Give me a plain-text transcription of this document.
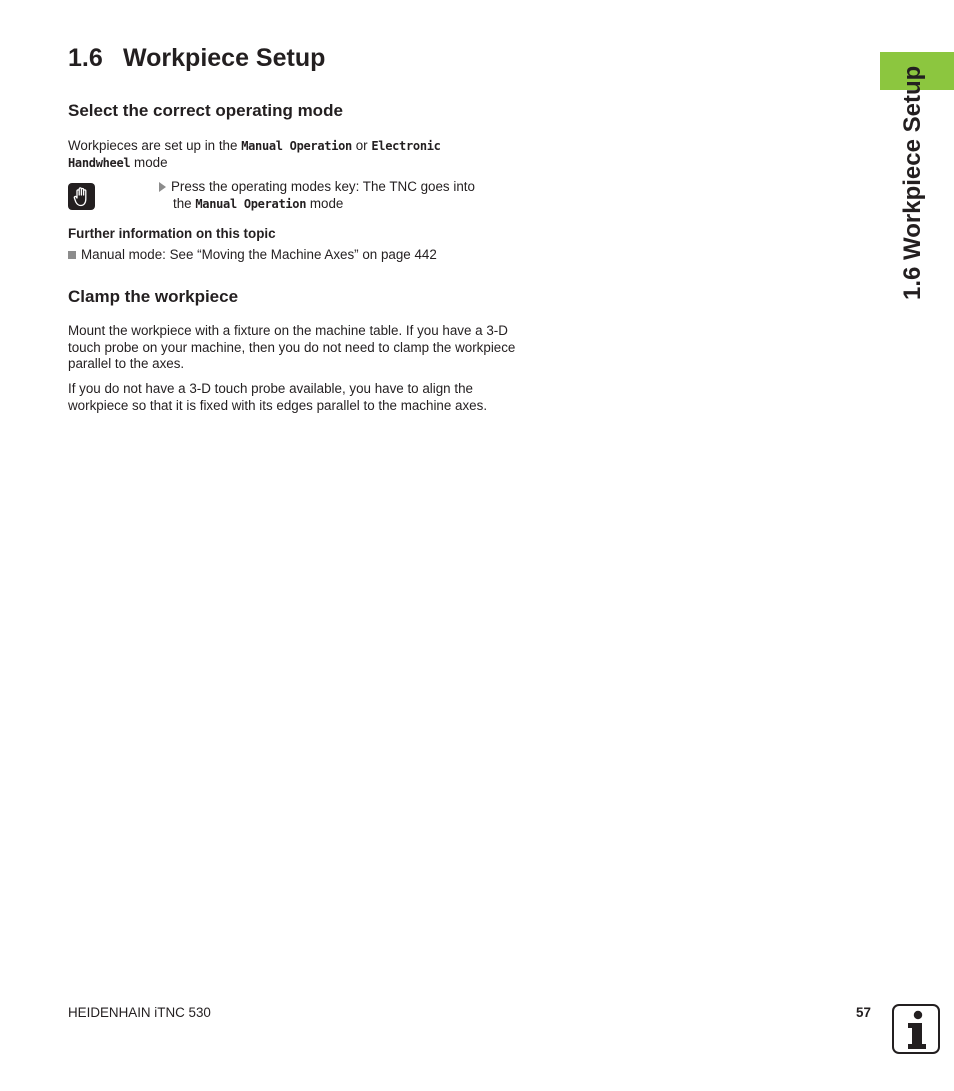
1.6 Workpiece Setup
1.6 Workpiece Setup
Select the correct operating mode

Workpieces are set up in the Manual Operation or Electronic
Handwheel mode

Press the operating modes key: The TNC goes into
the Manual Operation mode
Further information on this topic
Manual mode: See “Moving the Machine Axes” on page 442
Clamp the workpiece

Mount the workpiece with a fixture on the machine table. If you have a 3-D touch probe on your machine, then you do not need to clamp the workpiece parallel to the axes.

If you do not have a 3-D touch probe available, you have to align the workpiece so that it is fixed with its edges parallel to the machine axes.

HEIDENHAIN iTNC 530	57
